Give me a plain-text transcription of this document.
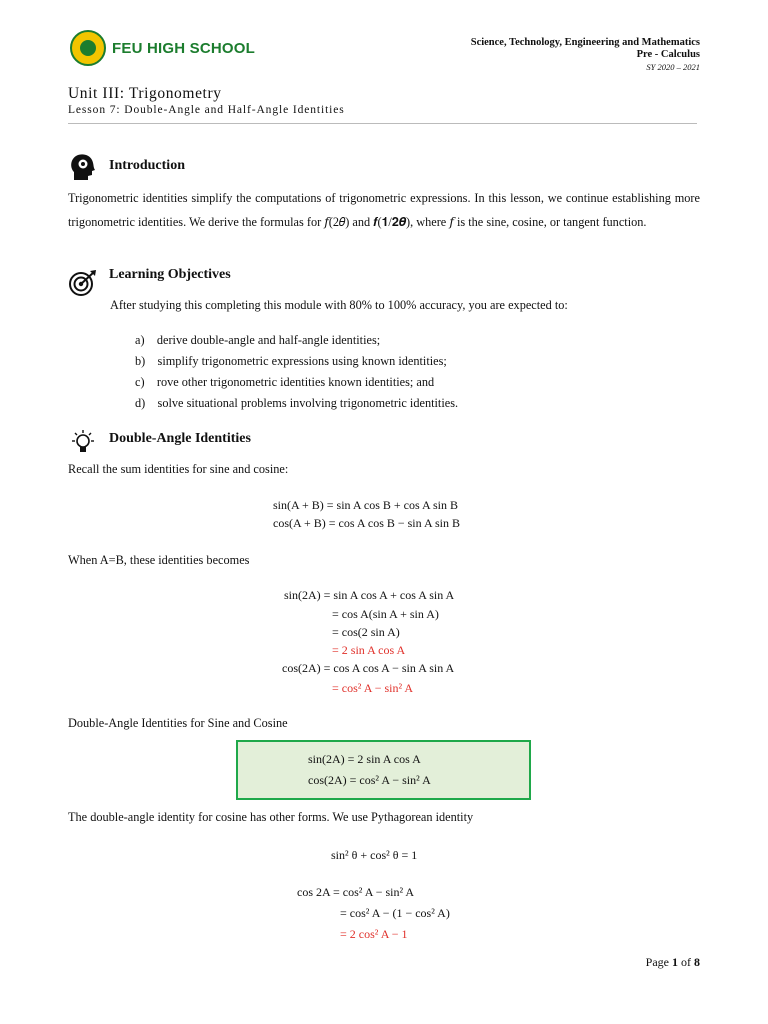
FEU HIGH SCHOOL	Science, Technology, Engineering and Mathematics
Pre - Calculus
SY 2020 – 2021
Unit III: Trigonometry
Lesson 7: Double-Angle and Half-Angle Identities
Introduction
Trigonometric identities simplify the computations of trigonometric expressions. In this lesson, we continue establishing more trigonometric identities. We derive the formulas for 𝑓(2𝜃) and 𝒇(𝟏/𝟐𝜽), where 𝑓 is the sine, cosine, or tangent function.
Learning Objectives
After studying this completing this module with 80% to 100% accuracy, you are expected to:
a) derive double-angle and half-angle identities;
b) simplify trigonometric expressions using known identities;
c) rove other trigonometric identities known identities; and
d) solve situational problems involving trigonometric identities.
Double-Angle Identities
Recall the sum identities for sine and cosine:
sin(A + B) = sin A cos B + cos A sin B
cos(A + B) = cos A cos B − sin A sin B
When A=B, these identities becomes
sin(2A) = sin A cos A + cos A sin A
= cos A(sin A + sin A)
= cos(2 sin A)
= 2 sin A cos A
cos(2A) = cos A cos A − sin A sin A
= cos² A − sin² A
Double-Angle Identities for Sine and Cosine
sin(2A) = 2 sin A cos A
cos(2A) = cos² A − sin² A
The double-angle identity for cosine has other forms. We use Pythagorean identity
sin² θ + cos² θ = 1
cos 2A = cos² A − sin² A
= cos² A − (1 − cos² A)
= 2 cos² A − 1
Page 1 of 8
